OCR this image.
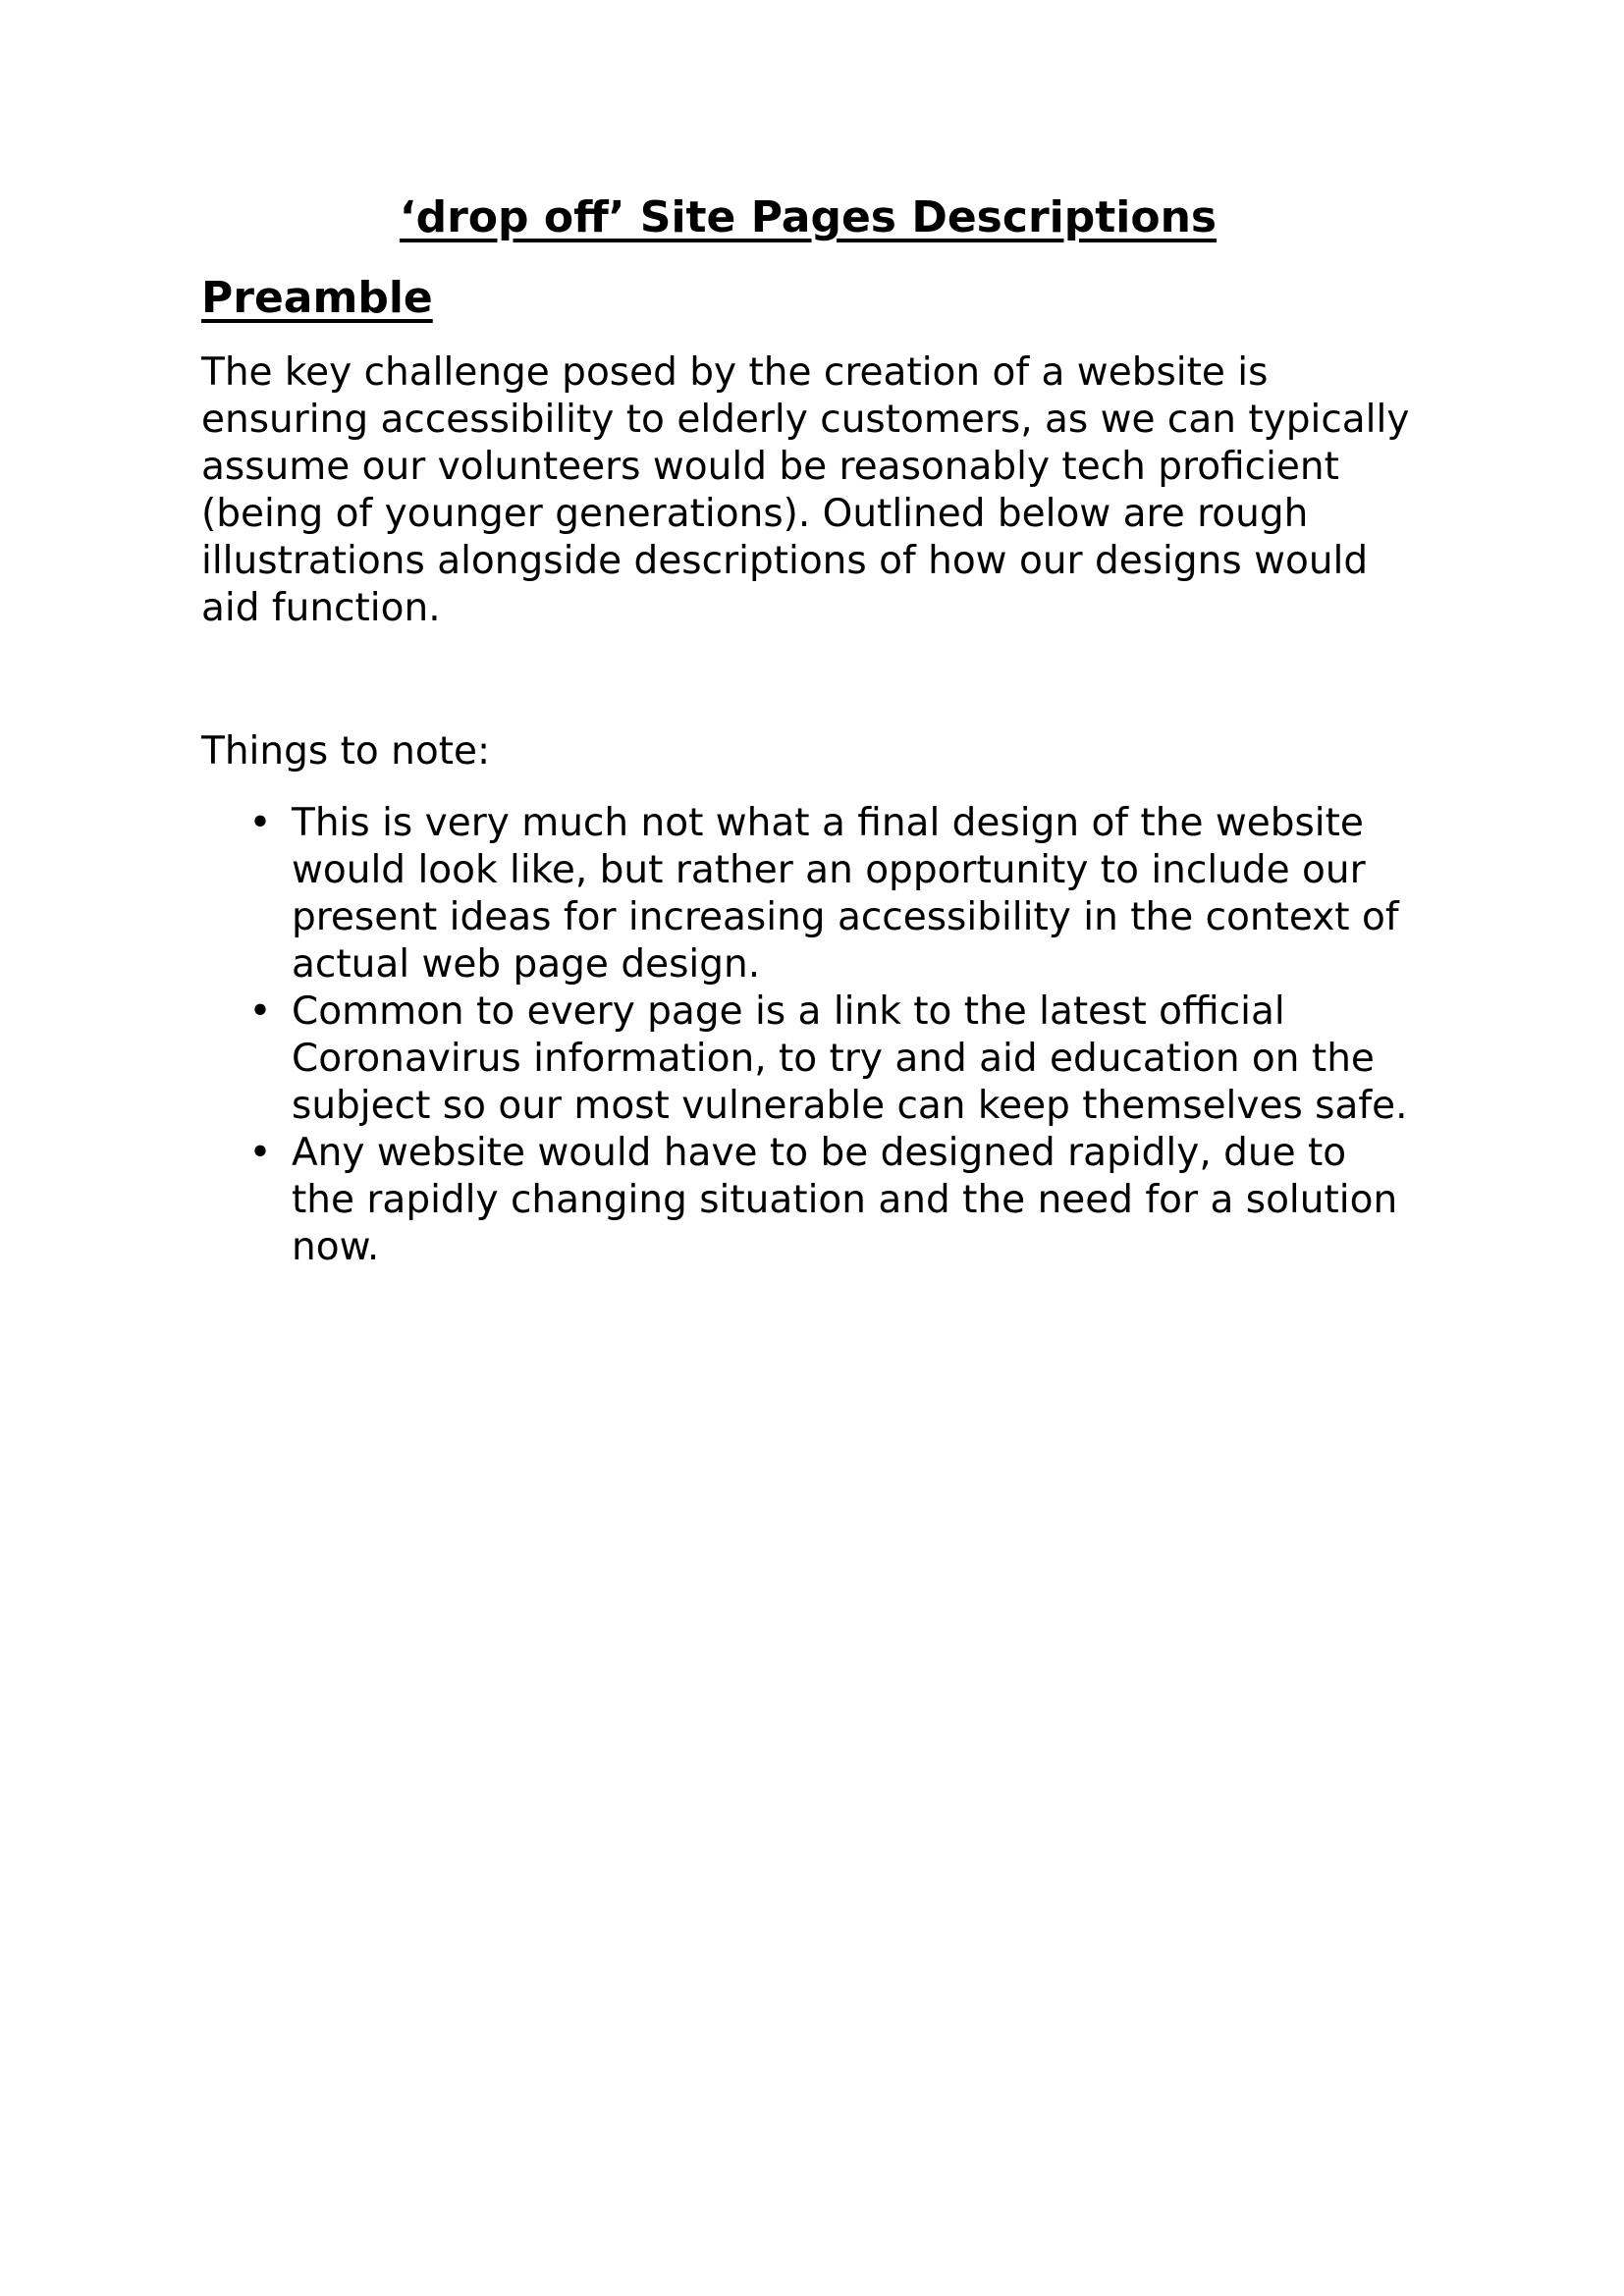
‘drop off’ Site Pages Descriptions
Preamble

The key challenge posed by the creation of a website is ensuring accessibility to elderly customers, as we can typically assume our volunteers would be reasonably tech proficient (being of younger generations). Outlined below are rough illustrations alongside descriptions of how our designs would aid function.

Things to note:

• This is very much not what a final design of the website would look like, but rather an opportunity to include our present ideas for increasing accessibility in the context of actual web page design.
• Common to every page is a link to the latest official Coronavirus information, to try and aid education on the subject so our most vulnerable can keep themselves safe.
• Any website would have to be designed rapidly, due to the rapidly changing situation and the need for a solution now.
